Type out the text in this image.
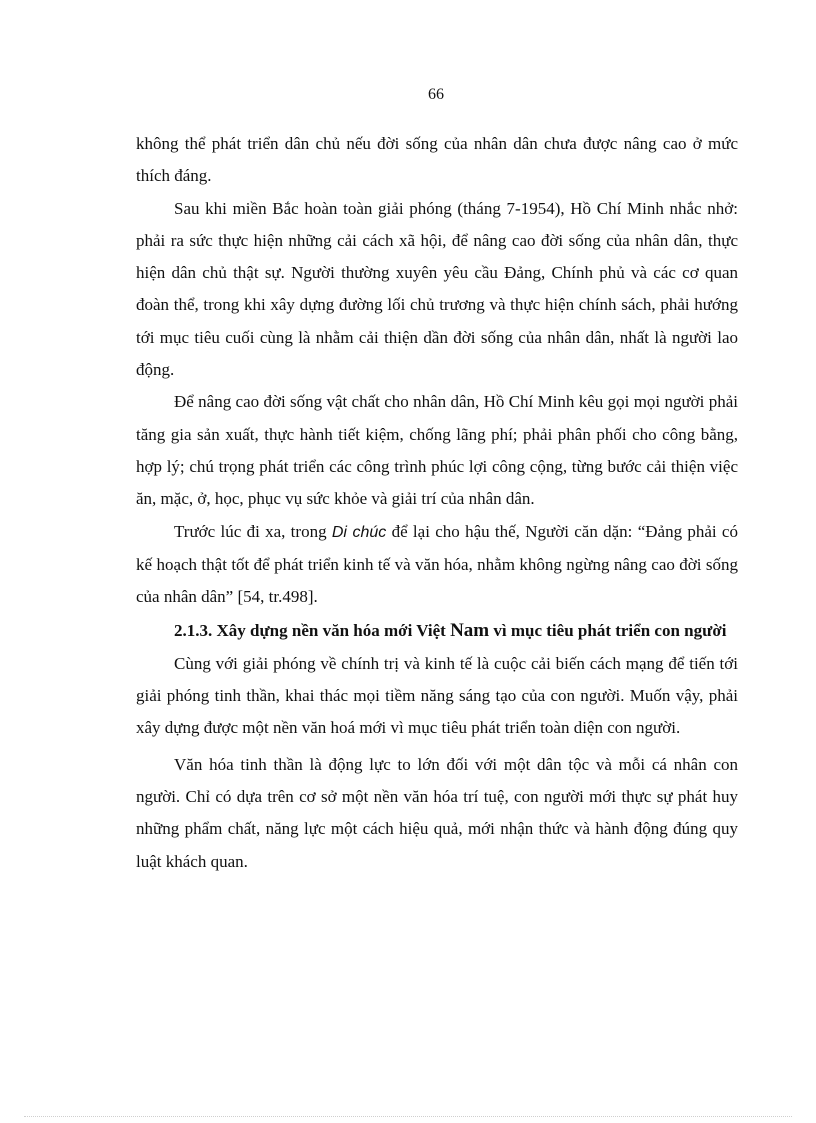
66

không thể phát triển dân chủ nếu đời sống của nhân dân chưa được nâng cao ở mức thích đáng.

Sau khi miền Bắc hoàn toàn giải phóng (tháng 7-1954), Hồ Chí Minh nhắc nhở: phải ra sức thực hiện những cải cách xã hội, để nâng cao đời sống của nhân dân, thực hiện dân chủ thật sự. Người thường xuyên yêu cầu Đảng, Chính phủ và các cơ quan đoàn thể, trong khi xây dựng đường lối chủ trương và thực hiện chính sách, phải hướng tới mục tiêu cuối cùng là nhằm cải thiện dần đời sống của nhân dân, nhất là người lao động.

Để nâng cao đời sống vật chất cho nhân dân, Hồ Chí Minh kêu gọi mọi người phải tăng gia sản xuất, thực hành tiết kiệm, chống lãng phí; phải phân phối cho công bằng, hợp lý; chú trọng phát triển các công trình phúc lợi công cộng, từng bước cải thiện việc ăn, mặc, ở, học, phục vụ sức khỏe và giải trí của nhân dân.

Trước lúc đi xa, trong Di chúc để lại cho hậu thế, Người căn dặn: “Đảng phải có kế hoạch thật tốt để phát triển kinh tế và văn hóa, nhằm không ngừng nâng cao đời sống của nhân dân” [54, tr.498].

2.1.3. Xây dựng nền văn hóa mới Việt Nam vì mục tiêu phát triển con người

Cùng với giải phóng về chính trị và kinh tế là cuộc cải biến cách mạng để tiến tới giải phóng tinh thần, khai thác mọi tiềm năng sáng tạo của con người. Muốn vậy, phải xây dựng được một nền văn hoá mới vì mục tiêu phát triển toàn diện con người.

Văn hóa tinh thần là động lực to lớn đối với một dân tộc và mỗi cá nhân con người. Chỉ có dựa trên cơ sở một nền văn hóa trí tuệ, con người mới thực sự phát huy những phẩm chất, năng lực một cách hiệu quả, mới nhận thức và hành động đúng quy luật khách quan.
